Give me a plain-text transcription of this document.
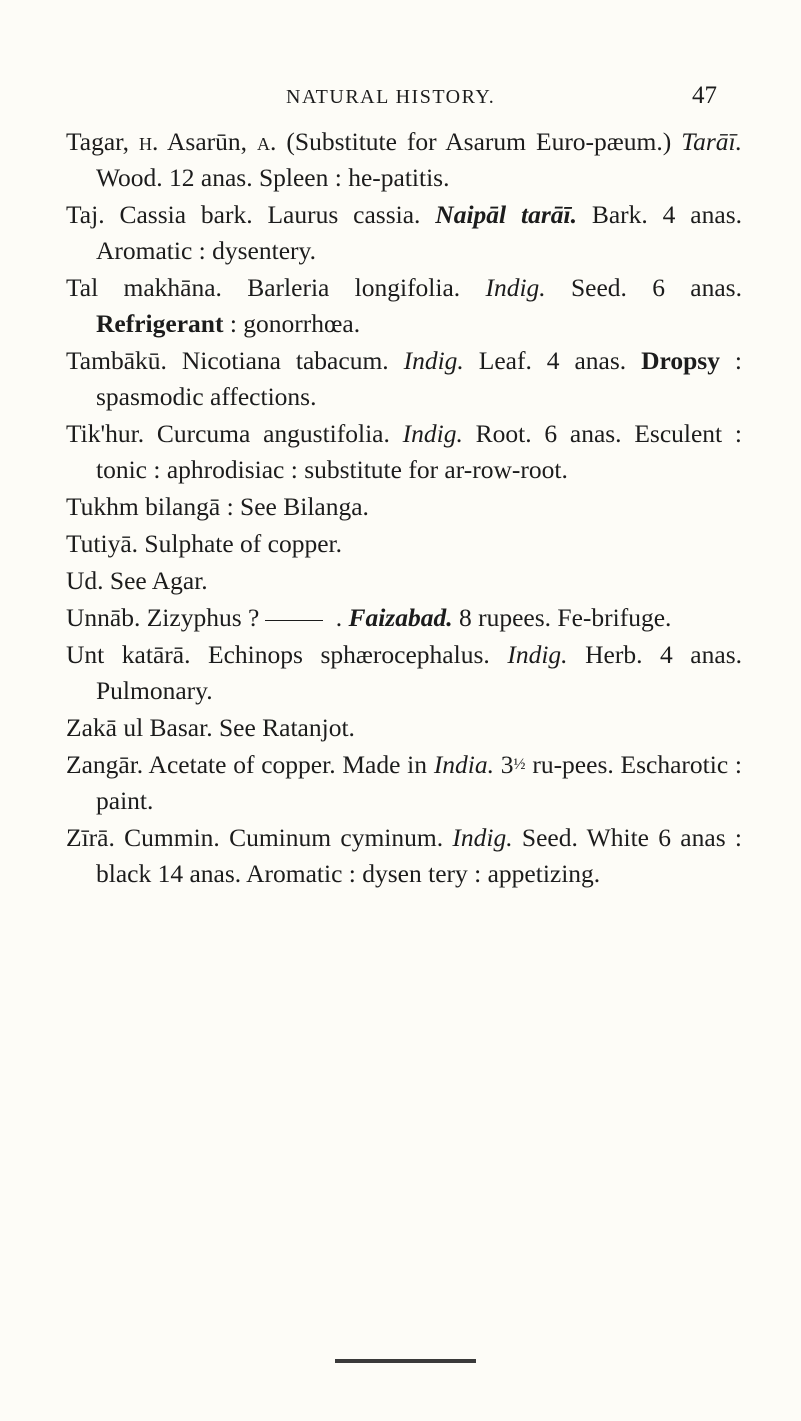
NATURAL HISTORY.	47

Tagar, h. Asarūn, a. (Substitute for Asarum Euro-pæum.) Tarāī. Wood. 12 anas. Spleen : he-patitis.

Taj. Cassia bark. Laurus cassia. Naipāl tarāī. Bark. 4 anas. Aromatic : dysentery.

Tal makhāna. Barleria longifolia. Indig. Seed. 6 anas. Refrigerant : gonorrhœa.

Tambākū. Nicotiana tabacum. Indig. Leaf. 4 anas. Dropsy : spasmodic affections.

Tik'hur. Curcuma angustifolia. Indig. Root. 6 anas. Esculent : tonic : aphrodisiac : substitute for ar-row-root.

Tukhm bilangā : See Bilanga.

Tutiyā. Sulphate of copper.

Ud. See Agar.

Unnāb. Zizyphus ?	. Faizabad. 8 rupees. Fe-brifuge.

Unt katārā. Echinops sphærocephalus. Indig. Herb. 4 anas. Pulmonary.

Zakā ul Basar. See Ratanjot.

Zangār. Acetate of copper. Made in India. 3½ ru-pees. Escharotic : paint.

Zīrā. Cummin. Cuminum cyminum. Indig. Seed. White 6 anas : black 14 anas. Aromatic : dysen tery : appetizing.
